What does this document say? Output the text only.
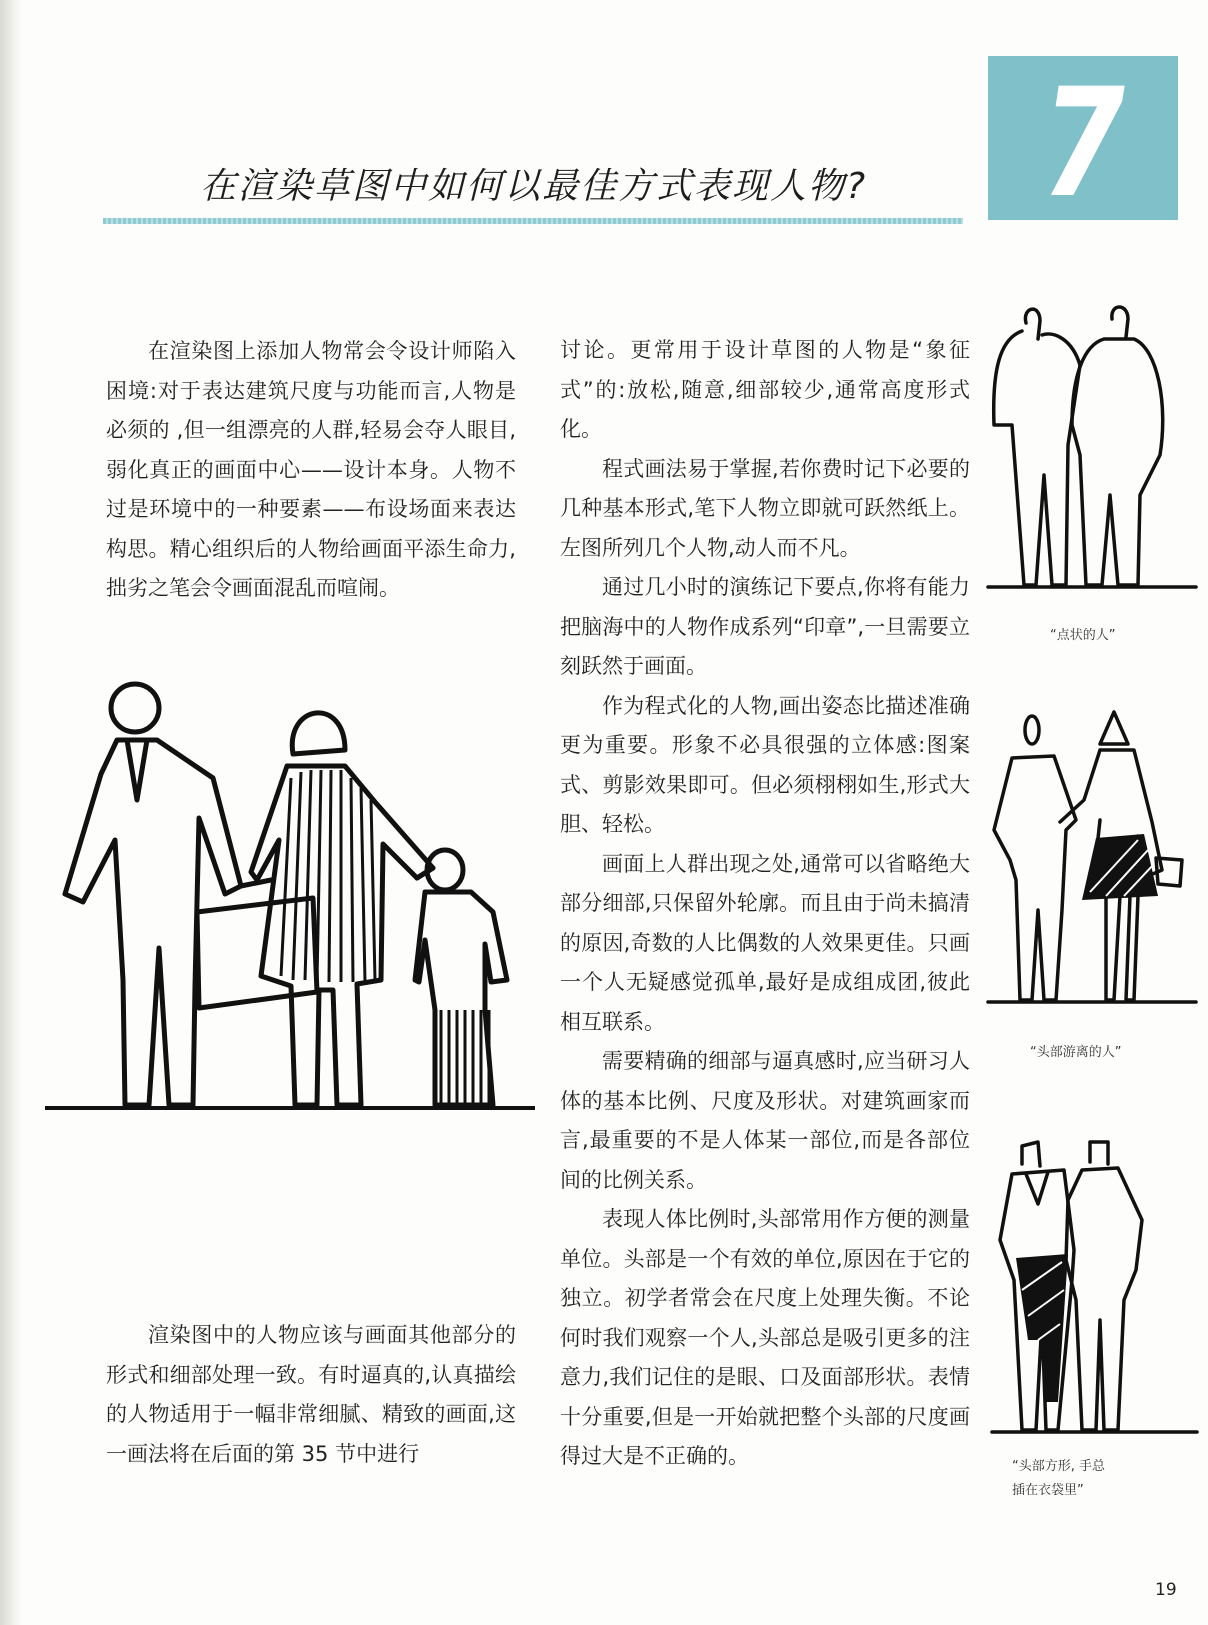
7
在渲染草图中如何以最佳方式表现人物?

在渲染图上添加人物常会令设计师陷入困境:对于表达建筑尺度与功能而言,人物是必须的 ,但一组漂亮的人群,轻易会夺人眼目,弱化真正的画面中心——设计本身。人物不过是环境中的一种要素——布设场面来表达构思。精心组织后的人物给画面平添生命力,拙劣之笔会令画面混乱而喧闹。

渲染图中的人物应该与画面其他部分的形式和细部处理一致。有时逼真的,认真描绘的人物适用于一幅非常细腻、精致的画面,这一画法将在后面的第 35 节中进行

讨论。更常用于设计草图的人物是“象征式”的:放松,随意,细部较少,通常高度形式化。

程式画法易于掌握,若你费时记下必要的几种基本形式,笔下人物立即就可跃然纸上。左图所列几个人物,动人而不凡。

通过几小时的演练记下要点,你将有能力把脑海中的人物作成系列“印章”,一旦需要立刻跃然于画面。

作为程式化的人物,画出姿态比描述准确更为重要。形象不必具很强的立体感:图案式、剪影效果即可。但必须栩栩如生,形式大胆、轻松。

画面上人群出现之处,通常可以省略绝大部分细部,只保留外轮廓。而且由于尚未搞清的原因,奇数的人比偶数的人效果更佳。只画一个人无疑感觉孤单,最好是成组成团,彼此相互联系。

需要精确的细部与逼真感时,应当研习人体的基本比例、尺度及形状。对建筑画家而言,最重要的不是人体某一部位,而是各部位间的比例关系。

表现人体比例时,头部常用作方便的测量单位。头部是一个有效的单位,原因在于它的独立。初学者常会在尺度上处理失衡。不论何时我们观察一个人,头部总是吸引更多的注意力,我们记住的是眼、口及面部形状。表情十分重要,但是一开始就把整个头部的尺度画得过大是不正确的。

“点状的人”
“头部游离的人”
“头部方形, 手总
插在衣袋里”
19
